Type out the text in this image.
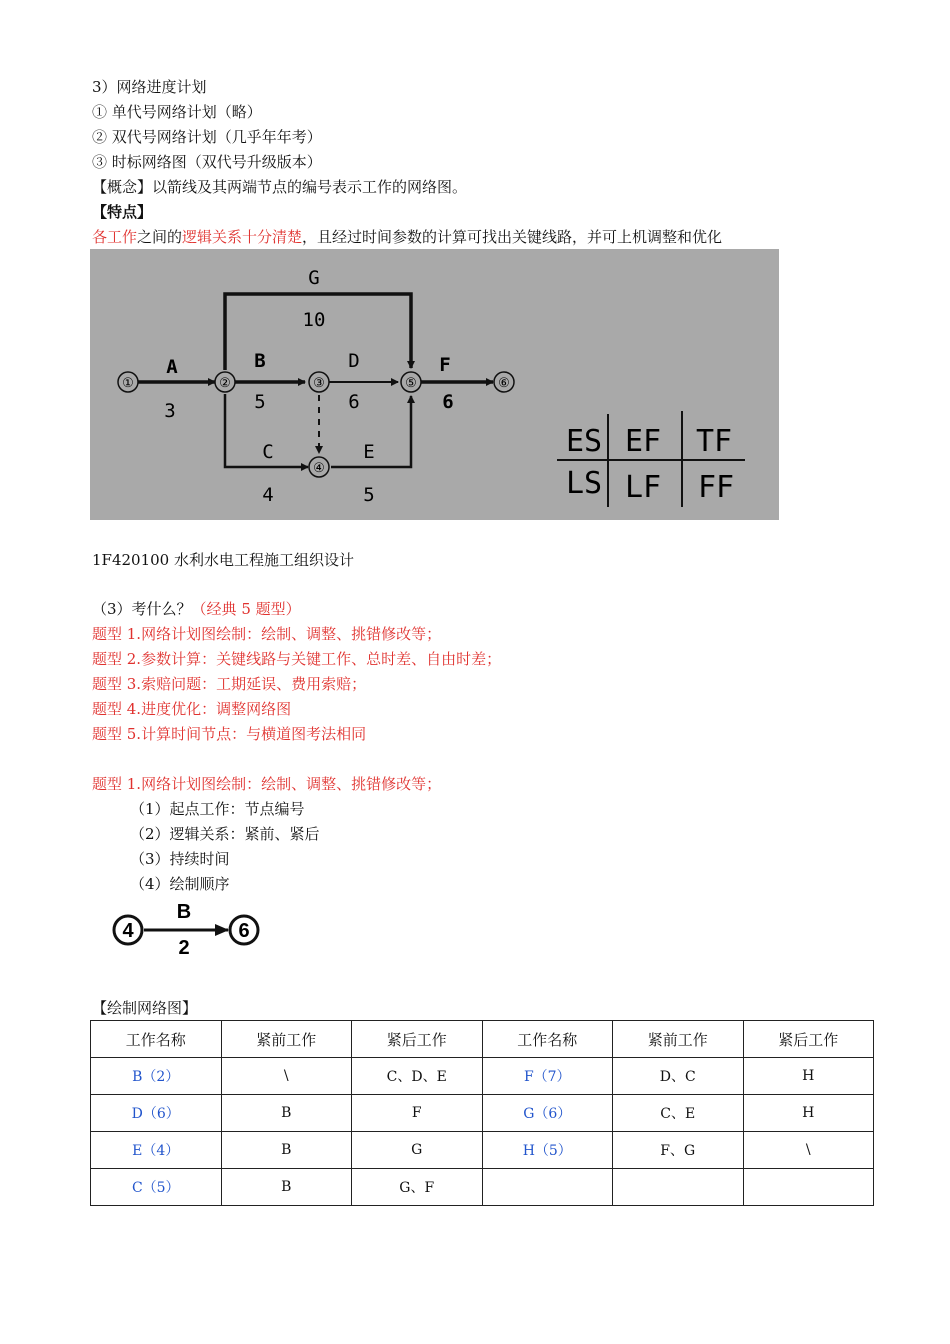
3）网络进度计划
① 单代号网络计划（略）
② 双代号网络计划（几乎年年考）
③ 时标网络图（双代号升级版本）
【概念】以箭线及其两端节点的编号表示工作的网络图。
【特点】
各工作之间的逻辑关系十分清楚，且经过时间参数的计算可找出关键线路，并可上机调整和优化
①	②	③
④
⑤	⑥
A
3
B
5
D
6
F
6
G
10
C
4
E
5
ES EF TF
LS LF FF
1F420100 水利水电工程施工组织设计
（3）考什么？（经典 5 题型）
题型 1.网络计划图绘制：绘制、调整、挑错修改等；
题型 2.参数计算：关键线路与关键工作、总时差、自由时差；
题型 3.索赔问题：工期延误、费用索赔；
题型 4.进度优化：调整网络图
题型 5.计算时间节点：与横道图考法相同
题型 1.网络计划图绘制：绘制、调整、挑错修改等；
（1）起点工作：节点编号
（2）逻辑关系：紧前、紧后
（3）持续时间
（4）绘制顺序
4	6
B
2
【绘制网络图】
工作名称	紧前工作	紧后工作	工作名称	紧前工作	紧后工作
B（2）	\	C、D、E	F（7）	D、C	H
D（6）	B	F	G（6）	C、E	H
E（4）	B	G	H（5）	F、G	\
C（5）	B	G、F			
